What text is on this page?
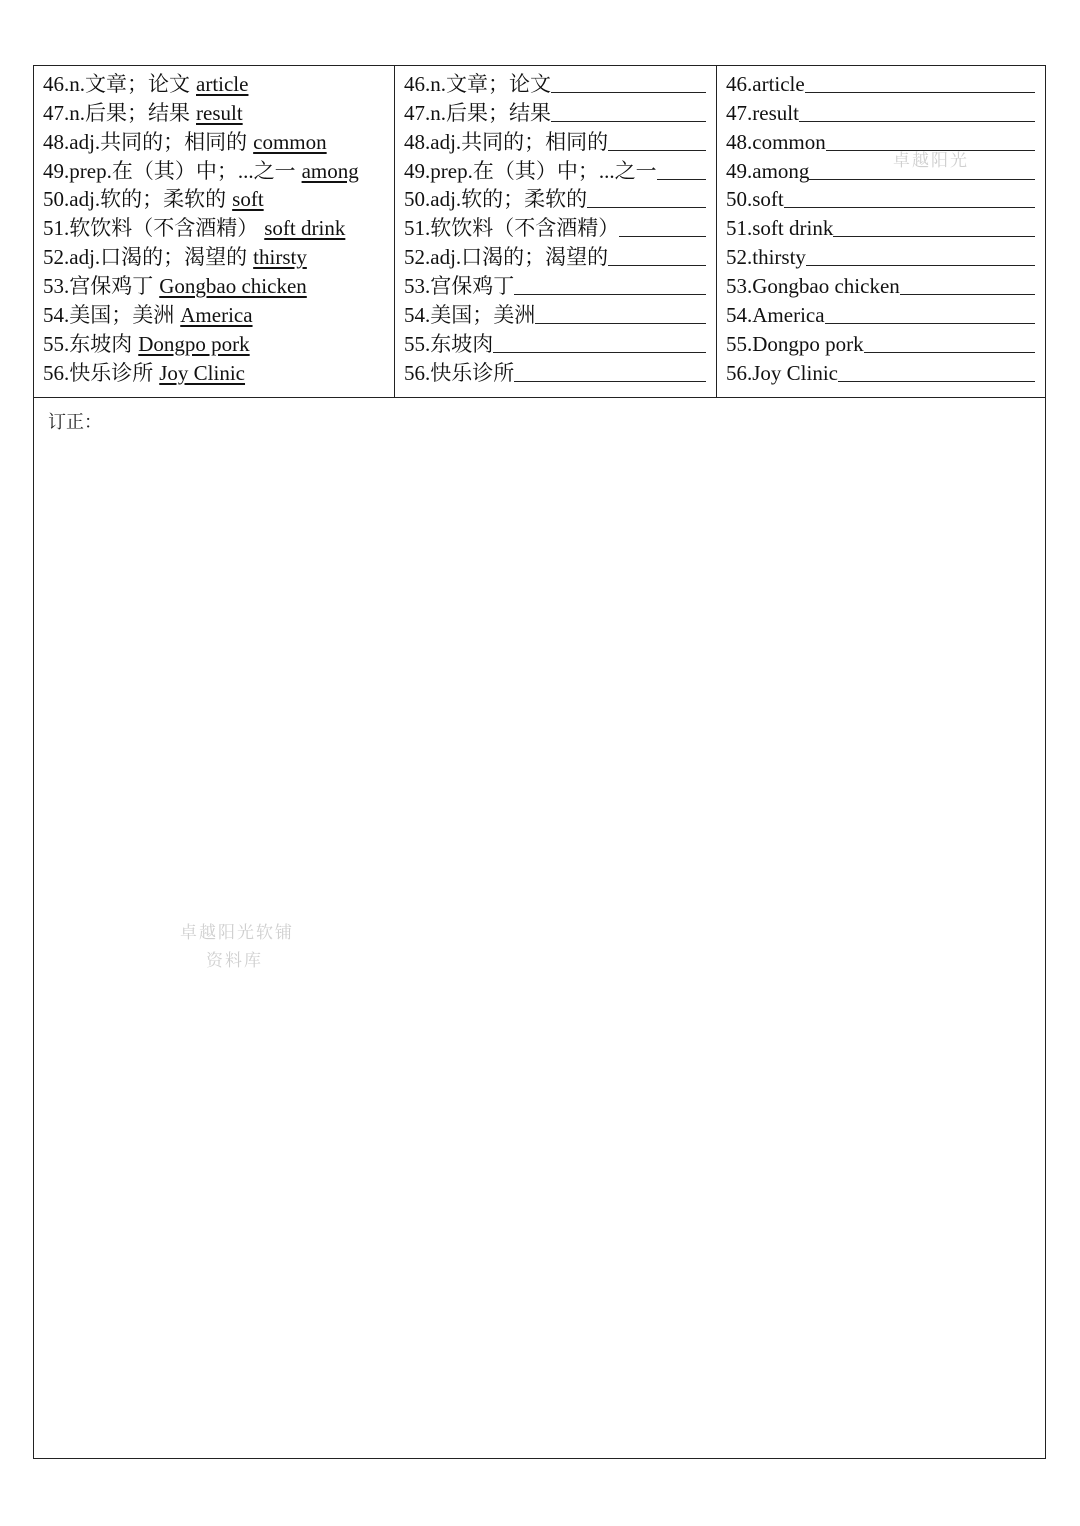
46.n.文章；论文 article
47.n.后果；结果 result
48.adj.共同的；相同的 common
49.prep.在（其）中；...之一 among
50.adj.软的；柔软的 soft
51.软饮料（不含酒精） soft drink
52.adj.口渴的；渴望的 thirsty
53.宫保鸡丁 Gongbao chicken
54.美国；美洲 America
55.东坡肉 Dongpo pork
56.快乐诊所 Joy Clinic
46.n.文章；论文
47.n.后果；结果
48.adj.共同的；相同的
49.prep.在（其）中；...之一
50.adj.软的；柔软的
51.软饮料（不含酒精）
52.adj.口渴的；渴望的
53.宫保鸡丁
54.美国；美洲
55.东坡肉
56.快乐诊所
46.article
47.result
48.common
49.among
50.soft
51.soft drink
52.thirsty
53.Gongbao chicken
54.America
55.Dongpo pork
56.Joy Clinic
订正：
卓越阳光
卓越阳光软铺
资料库
